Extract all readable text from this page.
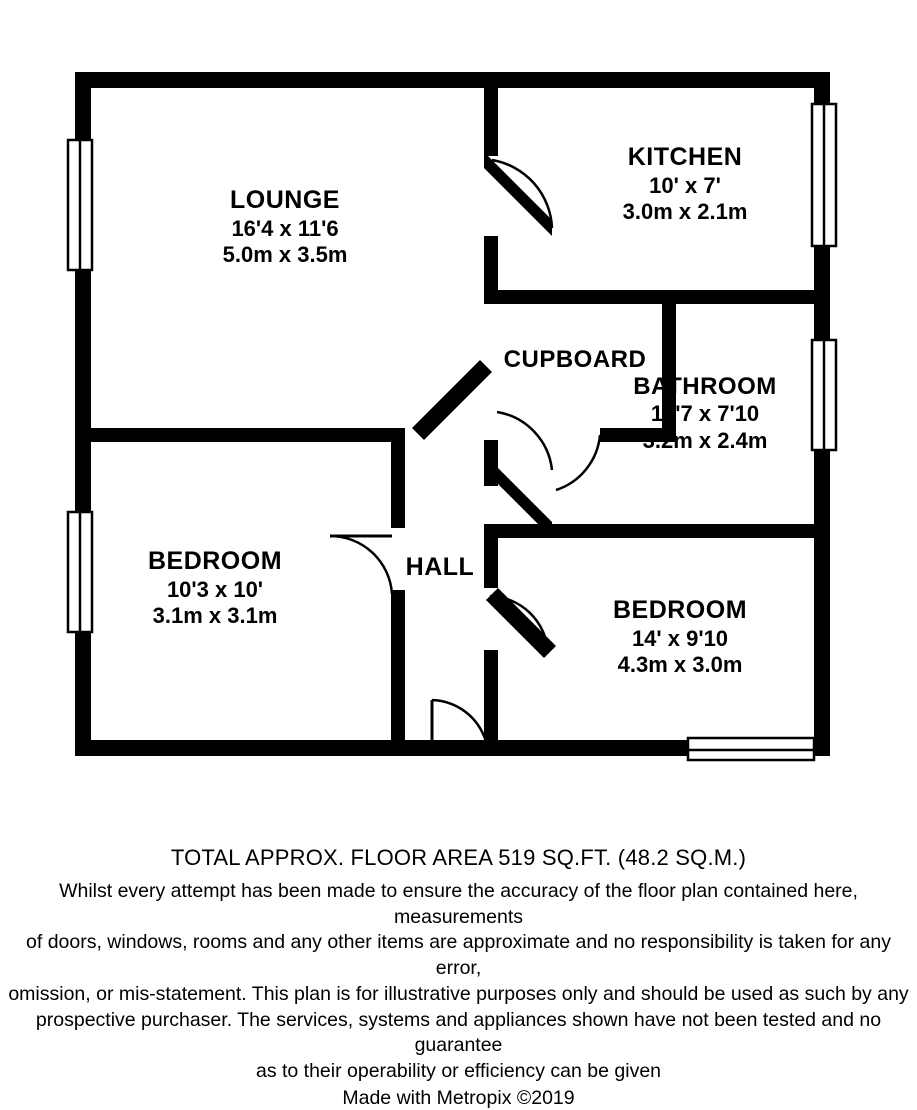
LOUNGE
16'4 x 11'6
5.0m x 3.5m
KITCHEN
10' x 7'
3.0m x 2.1m
CUPBOARD
BATHROOM
10'7 x 7'10
3.2m x 2.4m
BEDROOM
10'3 x 10'
3.1m x 3.1m	BEDROOM
14' x 9'10
4.3m x 3.0m
HALL
TOTAL APPROX. FLOOR AREA 519 SQ.FT. (48.2 SQ.M.)
Whilst every attempt has been made to ensure the accuracy of the floor plan contained here, measurements
of doors, windows, rooms and any other items are approximate and no responsibility is taken for any error,
omission, or mis-statement. This plan is for illustrative purposes only and should be used as such by any
prospective purchaser. The services, systems and appliances shown have not been tested and no guarantee
as to their operability or efficiency can be given
Made with Metropix ©2019
